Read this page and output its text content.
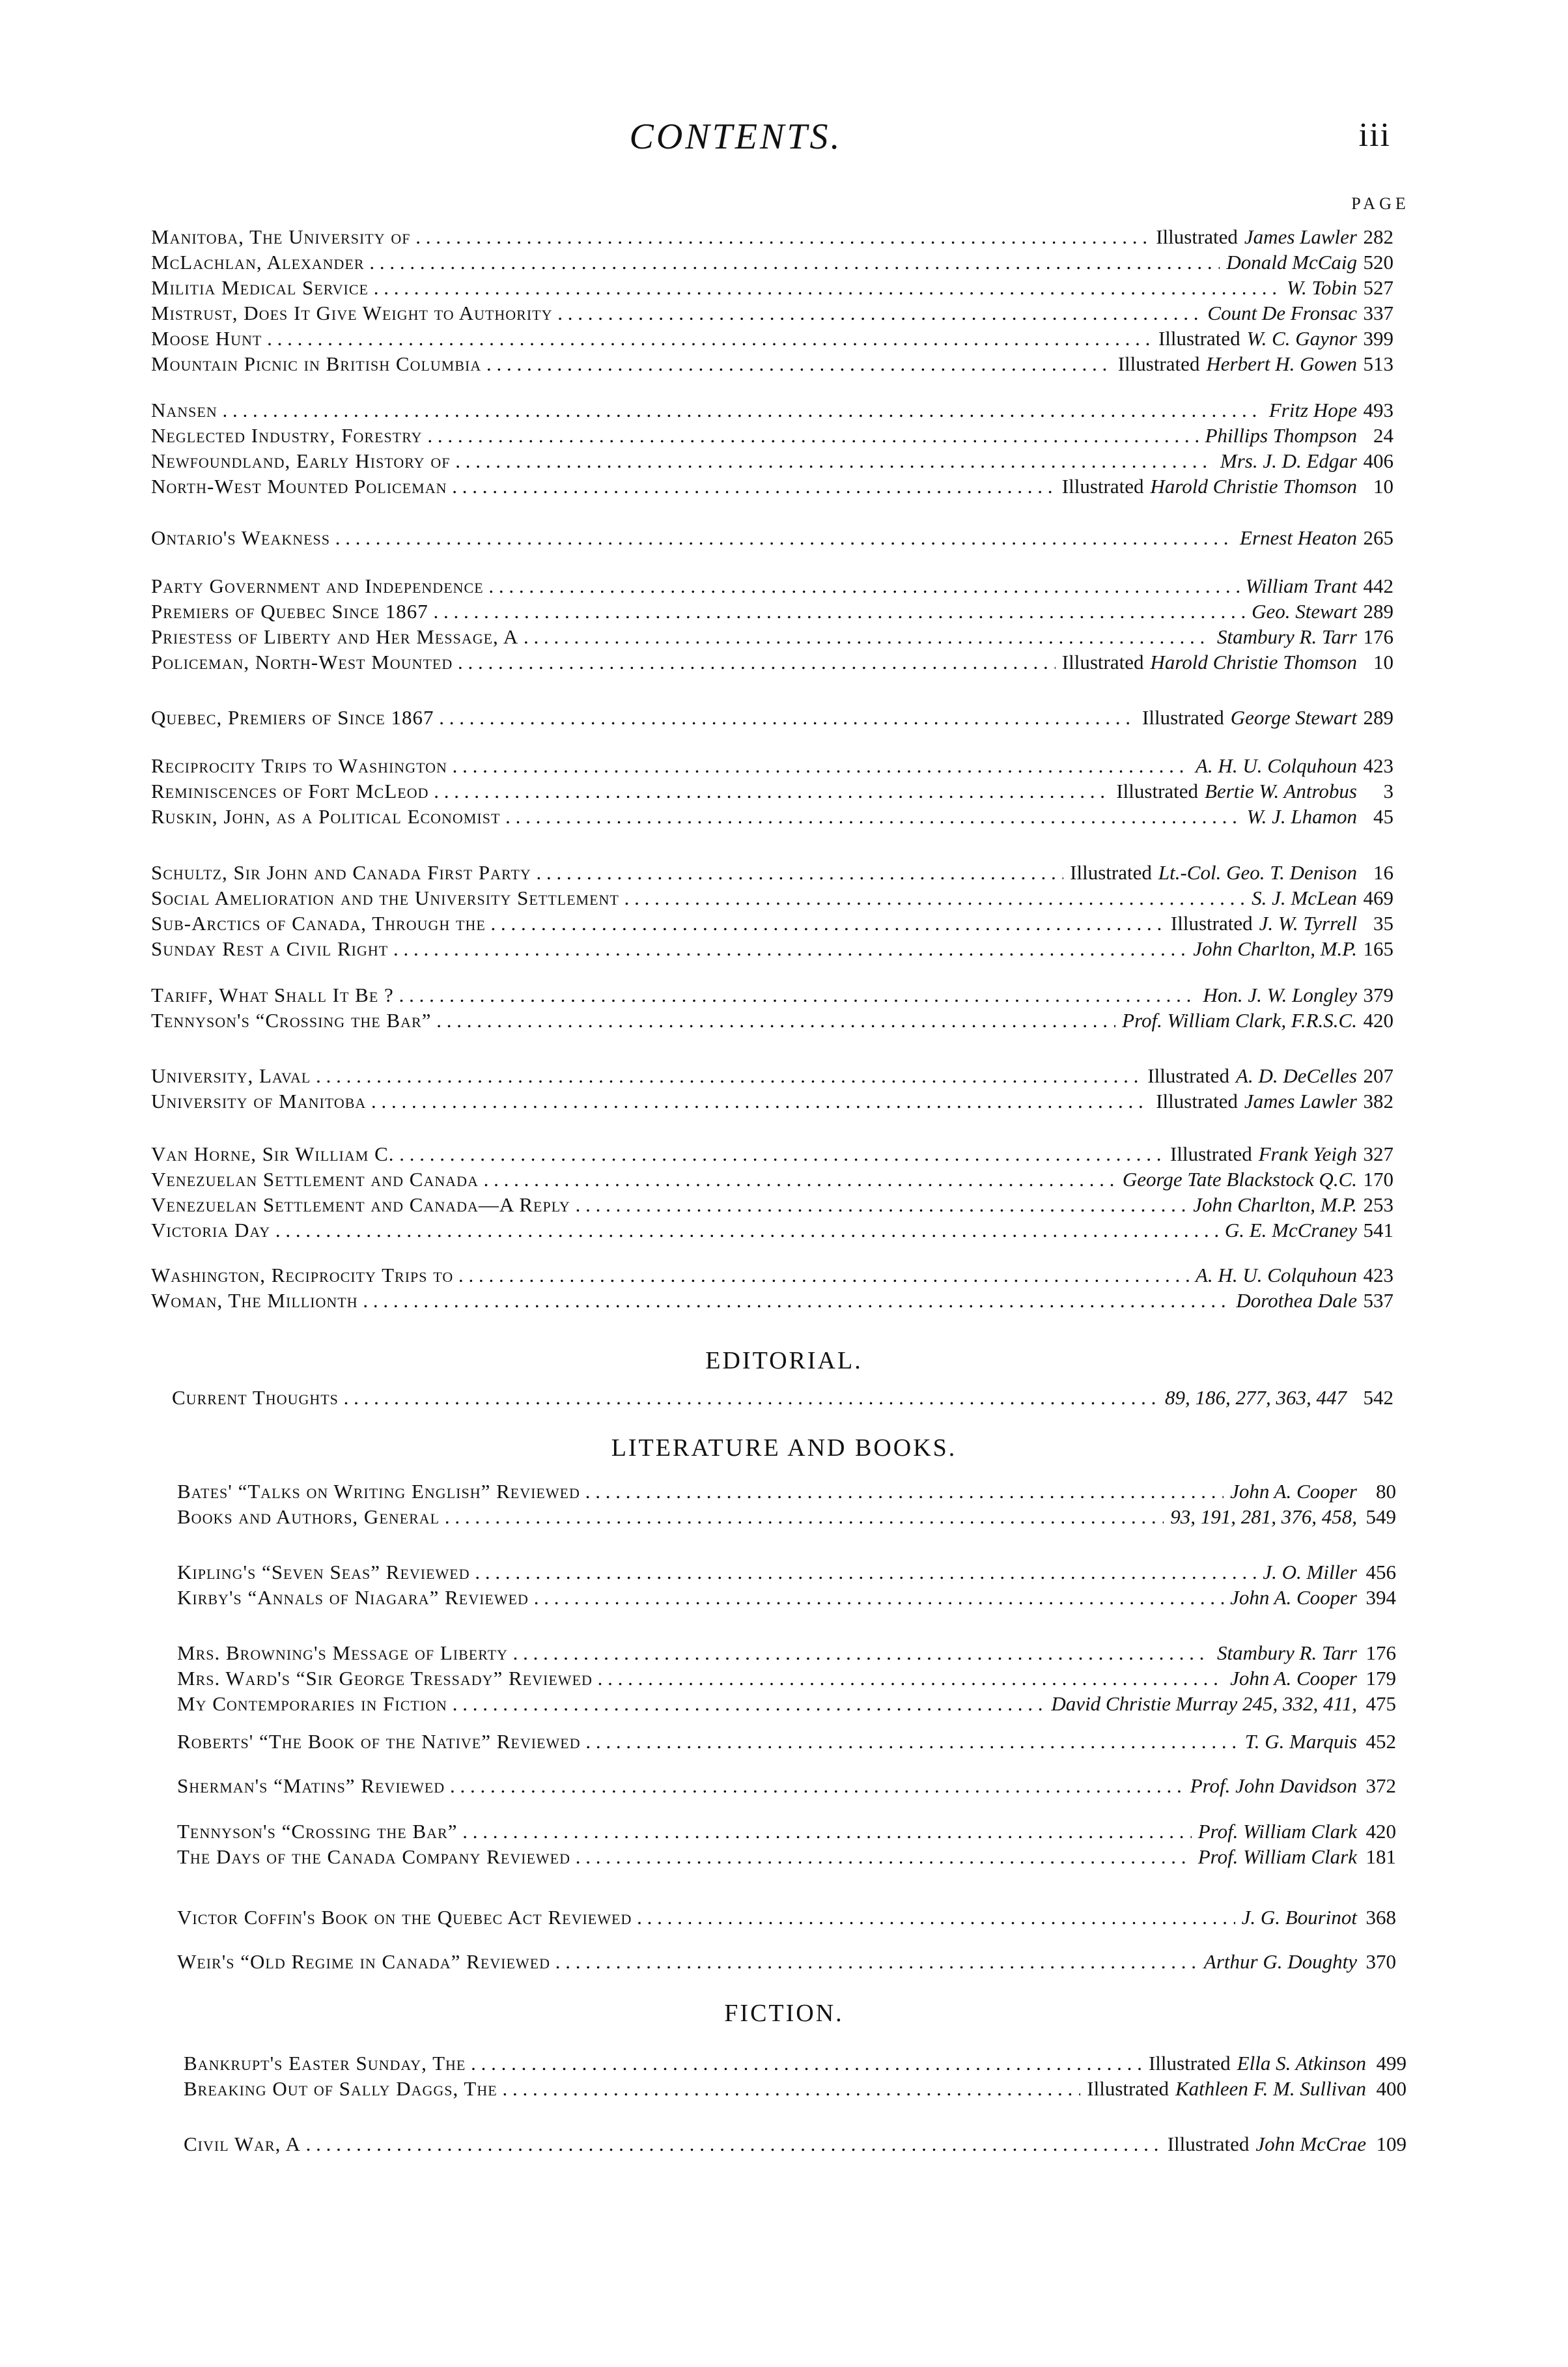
CONTENTS.	iii
PAGE
Manitoba, The University of . . .	Illustrated James Lawler 282
McLachlan, Alexander . . .	Donald McCaig 520
Militia Medical Service . . .	W. Tobin 527
Mistrust, Does It Give Weight to Authority . . .	Count De Fronsac 337
Moose Hunt . . .	Illustrated W. C. Gaynor 399
Mountain Picnic in British Columbia . . .	Illustrated Herbert H. Gowen 513
Nansen . . .	Fritz Hope 493
Neglected Industry, Forestry . . .	Phillips Thompson 24
Newfoundland, Early History of . . .	Mrs. J. D. Edgar 406
North-West Mounted Policeman . . .	Illustrated Harold Christie Thomson 10
Ontario's Weakness . . .	Ernest Heaton 265
Party Government and Independence . . .	William Trant 442
Premiers of Quebec Since 1867 . . .	Geo. Stewart 289
Priestess of Liberty and Her Message, A . . .	Stambury R. Tarr 176
Policeman, North-West Mounted . . .	Illustrated Harold Christie Thomson 10
Quebec, Premiers of Since 1867 . . .	Illustrated George Stewart 289
Reciprocity Trips to Washington . . .	A. H. U. Colquhoun 423
Reminiscences of Fort McLeod . . .	Illustrated Bertie W. Antrobus 3
Ruskin, John, as a Political Economist . . .	W. J. Lhamon 45
Schultz, Sir John and Canada First Party . . .	Illustrated Lt.-Col. Geo. T. Denison 16
Social Amelioration and the University Settlement . . .	S. J. McLean 469
Sub-Arctics of Canada, Through the . . .	Illustrated J. W. Tyrrell 35
Sunday Rest a Civil Right . . .	John Charlton, M.P. 165
Tariff, What Shall It Be ? . . .	Hon. J. W. Longley 379
Tennyson's “Crossing the Bar” . . .	Prof. William Clark, F.R.S.C. 420
University, Laval . . .	Illustrated A. D. DeCelles 207
University of Manitoba . . .	Illustrated James Lawler 382
Van Horne, Sir William C. . . .	Illustrated Frank Yeigh 327
Venezuelan Settlement and Canada . . .	George Tate Blackstock Q.C. 170
Venezuelan Settlement and Canada—A Reply . . .	John Charlton, M.P. 253
Victoria Day . . .	G. E. McCraney 541
Washington, Reciprocity Trips to . . .	A. H. U. Colquhoun 423
Woman, The Millionth . . .	Dorothea Dale 537
EDITORIAL.
Current Thoughts . . .	89, 186, 277, 363, 447 542
LITERATURE AND BOOKS.
Bates' “Talks on Writing English” Reviewed . . .	John A. Cooper 80
Books and Authors, General . . .	93, 191, 281, 376, 458, 549
Kipling's “Seven Seas” Reviewed . . .	J. O. Miller 456
Kirby's “Annals of Niagara” Reviewed . . .	John A. Cooper 394
Mrs. Browning's Message of Liberty . . .	Stambury R. Tarr 176
Mrs. Ward's “Sir George Tressady” Reviewed . . .	John A. Cooper 179
My Contemporaries in Fiction . . .	David Christie Murray 245, 332, 411, 475
Roberts' “The Book of the Native” Reviewed . . .	T. G. Marquis 452
Sherman's “Matins” Reviewed . . .	Prof. John Davidson 372
Tennyson's “Crossing the Bar” . . .	Prof. William Clark 420
The Days of the Canada Company Reviewed . . .	Prof. William Clark 181
Victor Coffin's Book on the Quebec Act Reviewed . . .	J. G. Bourinot 368
Weir's “Old Regime in Canada” Reviewed . . .	Arthur G. Doughty 370
FICTION.
Bankrupt's Easter Sunday, The . . .	Illustrated Ella S. Atkinson 499
Breaking Out of Sally Daggs, The . . .	Illustrated Kathleen F. M. Sullivan 400
Civil War, A . . .	Illustrated John McCrae 109
